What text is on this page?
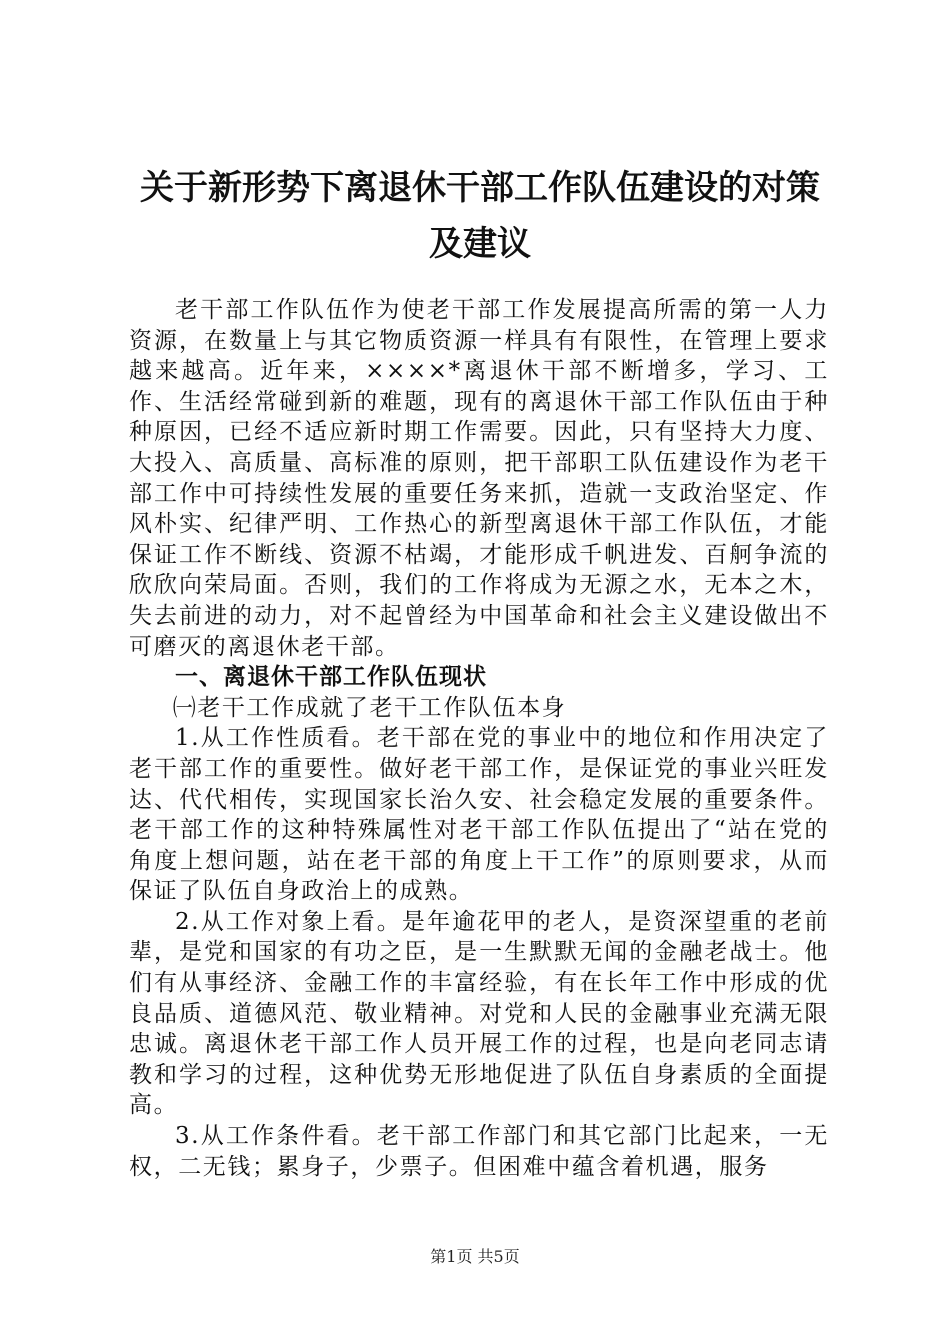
关于新形势下离退休干部工作队伍建设的对策
及建议

老干部工作队伍作为使老干部工作发展提高所需的第一人力资源，在数量上与其它物质资源一样具有有限性，在管理上要求越来越高。近年来，××××*离退休干部不断增多，学习、工作、生活经常碰到新的难题，现有的离退休干部工作队伍由于种种原因，已经不适应新时期工作需要。因此，只有坚持大力度、大投入、高质量、高标准的原则，把干部职工队伍建设作为老干部工作中可持续性发展的重要任务来抓，造就一支政治坚定、作风朴实、纪律严明、工作热心的新型离退休干部工作队伍，才能保证工作不断线、资源不枯竭，才能形成千帆进发、百舸争流的欣欣向荣局面。否则，我们的工作将成为无源之水，无本之木，失去前进的动力，对不起曾经为中国革命和社会主义建设做出不可磨灭的离退休老干部。

一、离退休干部工作队伍现状

㈠老干工作成就了老干工作队伍本身

1.从工作性质看。老干部在党的事业中的地位和作用决定了老干部工作的重要性。做好老干部工作，是保证党的事业兴旺发达、代代相传，实现国家长治久安、社会稳定发展的重要条件。老干部工作的这种特殊属性对老干部工作队伍提出了“站在党的角度上想问题，站在老干部的角度上干工作”的原则要求，从而保证了队伍自身政治上的成熟。

2.从工作对象上看。是年逾花甲的老人，是资深望重的老前辈，是党和国家的有功之臣，是一生默默无闻的金融老战士。他们有从事经济、金融工作的丰富经验，有在长年工作中形成的优良品质、道德风范、敬业精神。对党和人民的金融事业充满无限忠诚。离退休老干部工作人员开展工作的过程，也是向老同志请教和学习的过程，这种优势无形地促进了队伍自身素质的全面提高。

3.从工作条件看。老干部工作部门和其它部门比起来，一无权，二无钱；累身子，少票子。但困难中蕴含着机遇，服务

第1页 共5页
